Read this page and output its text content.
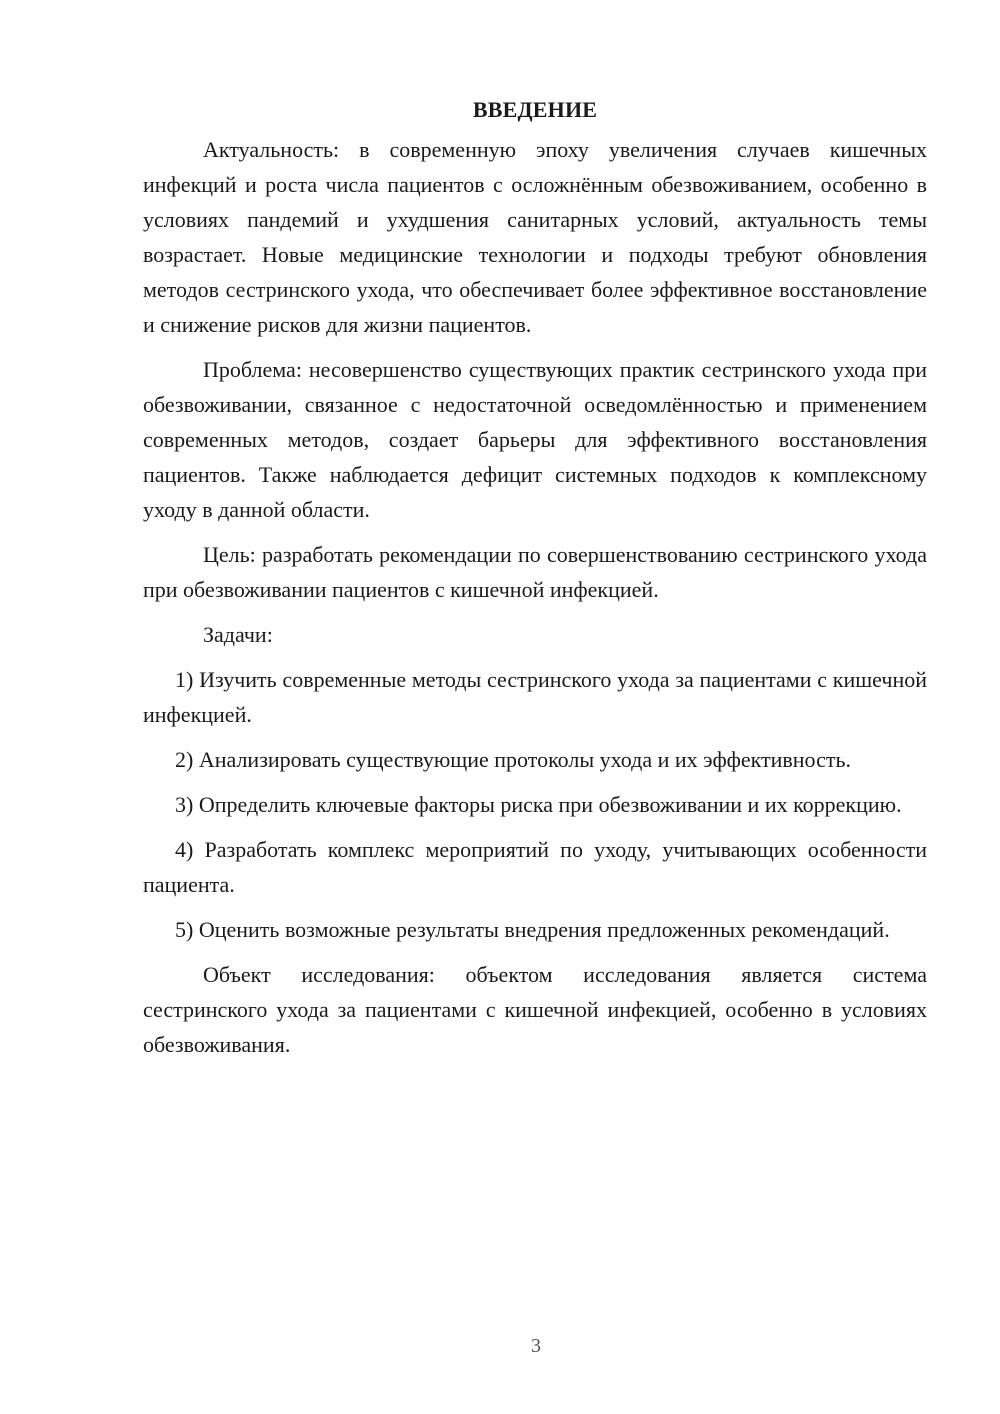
ВВЕДЕНИЕ

Актуальность: в современную эпоху увеличения случаев кишечных инфекций и роста числа пациентов с осложнённым обезвоживанием, особенно в условиях пандемий и ухудшения санитарных условий, актуальность темы возрастает. Новые медицинские технологии и подходы требуют обновления методов сестринского ухода, что обеспечивает более эффективное восстановление и снижение рисков для жизни пациентов.

Проблема: несовершенство существующих практик сестринского ухода при обезвоживании, связанное с недостаточной осведомлённостью и применением современных методов, создает барьеры для эффективного восстановления пациентов. Также наблюдается дефицит системных подходов к комплексному уходу в данной области.

Цель: разработать рекомендации по совершенствованию сестринского ухода при обезвоживании пациентов с кишечной инфекцией.

Задачи:

1) Изучить современные методы сестринского ухода за пациентами с кишечной инфекцией.

2) Анализировать существующие протоколы ухода и их эффективность.

3) Определить ключевые факторы риска при обезвоживании и их коррекцию.

4) Разработать комплекс мероприятий по уходу, учитывающих особенности пациента.

5) Оценить возможные результаты внедрения предложенных рекомендаций.

Объект исследования: объектом исследования является система сестринского ухода за пациентами с кишечной инфекцией, особенно в условиях обезвоживания.

3
